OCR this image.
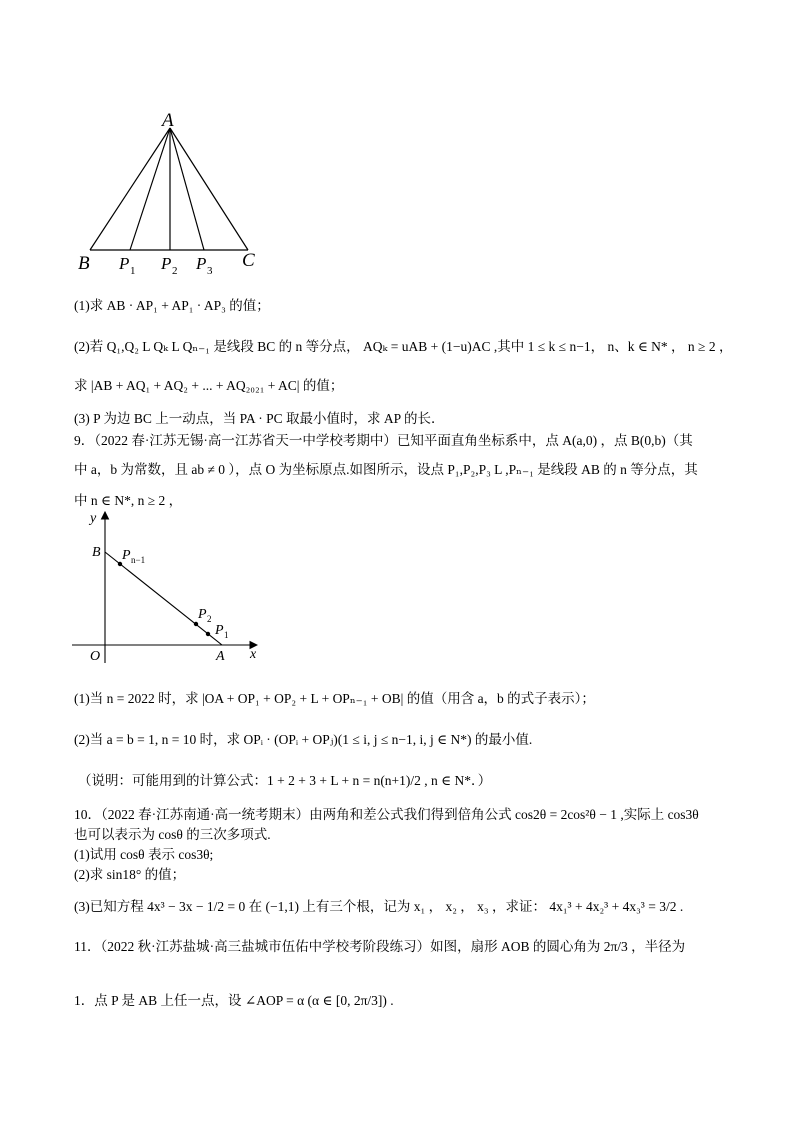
A
B	C
P 1 P 2 P 3
(1)求 AB · AP₁ + AP₁ · AP₃ 的值；
(2)若 Q₁,Q₂ L Qₖ L Qₙ₋₁ 是线段 BC 的 n 等分点， AQₖ = uAB + (1−u)AC ,其中 1 ≤ k ≤ n−1， n、k ∈ N* ， n ≥ 2 ，
求 |AB + AQ₁ + AQ₂ + ... + AQ₂₀₂₁ + AC| 的值；
(3) P 为边 BC 上一动点，当 PA · PC 取最小值时，求 AP 的长．
9．（2022 春·江苏无锡·高一江苏省天一中学校考期中）已知平面直角坐标系中，点 A(a,0) ，点 B(0,b)（其
中 a，b 为常数，且 ab ≠ 0 ），点 O 为坐标原点.如图所示，设点 P₁,P₂,P₃ L ,Pₙ₋₁ 是线段 AB 的 n 等分点，其
中 n ∈ N*, n ≥ 2 ，
y
x
O	A
B P n−1
P 2
P 1
(1)当 n = 2022 时，求 |OA + OP₁ + OP₂ + L + OPₙ₋₁ + OB| 的值（用含 a，b 的式子表示）；
(2)当 a = b = 1, n = 10 时，求 OPᵢ · (OPᵢ + OPⱼ)(1 ≤ i, j ≤ n−1, i, j ∈ N*) 的最小值.
（说明：可能用到的计算公式：1 + 2 + 3 + L + n = n(n+1)/2 , n ∈ N*．）
10．（2022 春·江苏南通·高一统考期末）由两角和差公式我们得到倍角公式 cos2θ = 2cos²θ − 1 ,实际上 cos3θ
也可以表示为 cosθ 的三次多项式.
(1)试用 cosθ 表示 cos3θ;
(2)求 sin18° 的值；
(3)已知方程 4x³ − 3x − 1/2 = 0 在 (−1,1) 上有三个根，记为 x₁ ， x₂ ， x₃ ，求证： 4x₁³ + 4x₂³ + 4x₃³ = 3/2 .
11．（2022 秋·江苏盐城·高三盐城市伍佑中学校考阶段练习）如图，扇形 AOB 的圆心角为 2π/3 ，半径为
1．点 P 是 AB 上任一点，设 ∠AOP = α (α ∈ [0, 2π/3]) .
